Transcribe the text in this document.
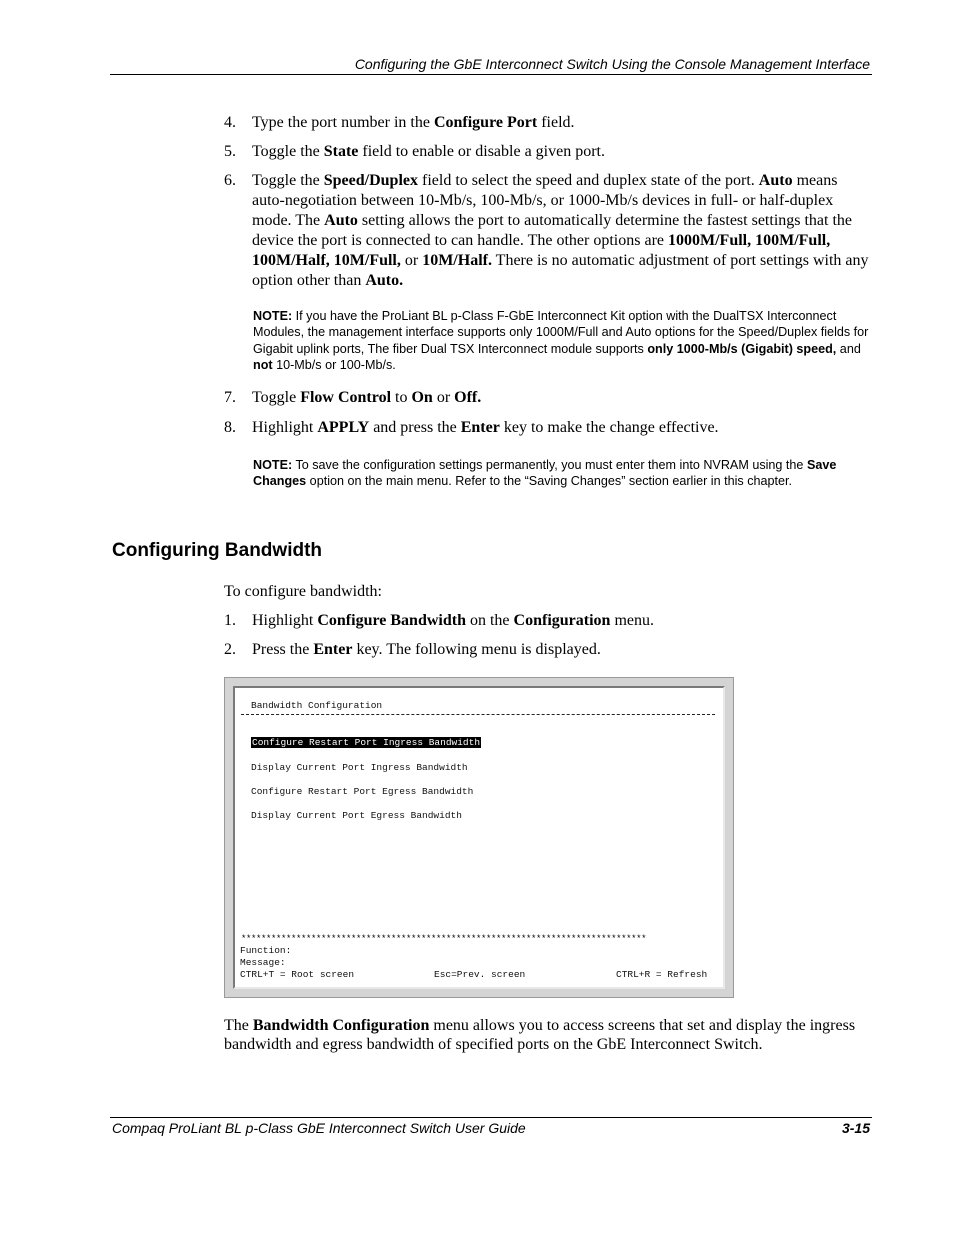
Configuring the GbE Interconnect Switch Using the Console Management Interface
4.	Type the port number in the Configure Port field.
5.	Toggle the State field to enable or disable a given port.
6.	Toggle the Speed/Duplex field to select the speed and duplex state of the port. Auto means auto-negotiation between 10-Mb/s, 100-Mb/s, or 1000-Mb/s devices in full- or half-duplex mode. The Auto setting allows the port to automatically determine the fastest settings that the device the port is connected to can handle. The other options are 1000M/Full, 100M/Full, 100M/Half, 10M/Full, or 10M/Half. There is no automatic adjustment of port settings with any option other than Auto.
NOTE: If you have the ProLiant BL p-Class F-GbE Interconnect Kit option with the DualTSX Interconnect Modules, the management interface supports only 1000M/Full and Auto options for the Speed/Duplex fields for Gigabit uplink ports, The fiber Dual TSX Interconnect module supports only 1000-Mb/s (Gigabit) speed, and not 10-Mb/s or 100-Mb/s.
7.	Toggle Flow Control to On or Off.
8.	Highlight APPLY and press the Enter key to make the change effective.
NOTE: To save the configuration settings permanently, you must enter them into NVRAM using the Save Changes option on the main menu. Refer to the “Saving Changes” section earlier in this chapter.
Configuring Bandwidth
To configure bandwidth:
1.	Highlight Configure Bandwidth on the Configuration menu.
2.	Press the Enter key. The following menu is displayed.
Bandwidth Configuration
Configure Restart Port Ingress Bandwidth
Display Current Port Ingress Bandwidth
Configure Restart Port Egress Bandwidth
Display Current Port Egress Bandwidth
*********************************************************************************
Function:
Message:
CTRL+T = Root screen	Esc=Prev. screen	CTRL+R = Refresh
The Bandwidth Configuration menu allows you to access screens that set and display the ingress bandwidth and egress bandwidth of specified ports on the GbE Interconnect Switch.
Compaq ProLiant BL p-Class GbE Interconnect Switch User Guide	3-15
